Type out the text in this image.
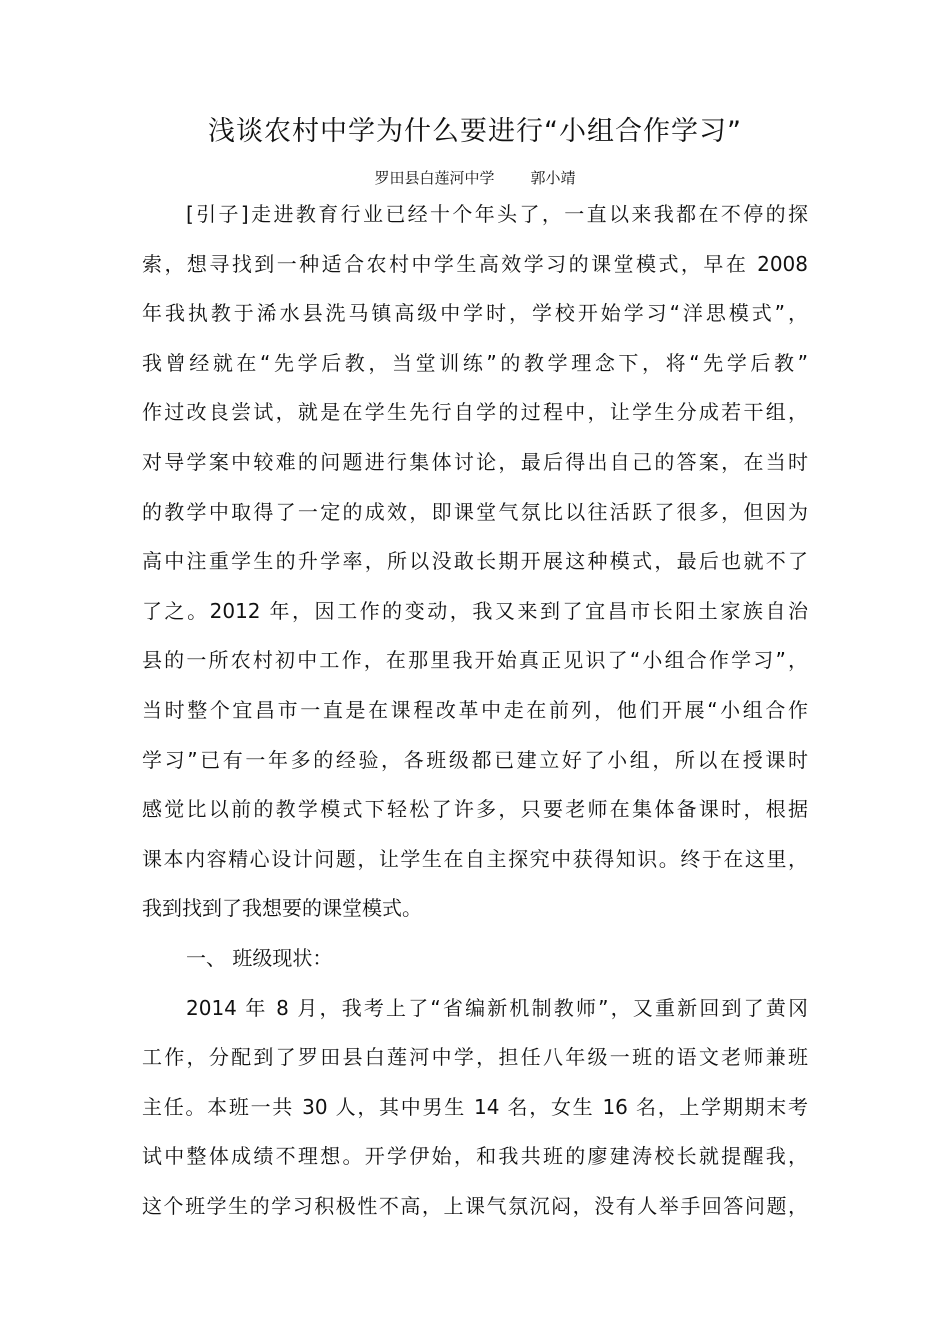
浅谈农村中学为什么要进行“小组合作学习”
罗田县白莲河中学 郭小靖
[引子]走进教育行业已经十个年头了，一直以来我都在不停的探
索，想寻找到一种适合农村中学生高效学习的课堂模式，早在 2008
年我执教于浠水县洗马镇高级中学时，学校开始学习“洋思模式”，
我曾经就在“先学后教，当堂训练”的教学理念下，将“先学后教”
作过改良尝试，就是在学生先行自学的过程中，让学生分成若干组，
对导学案中较难的问题进行集体讨论，最后得出自己的答案，在当时
的教学中取得了一定的成效，即课堂气氛比以往活跃了很多，但因为
高中注重学生的升学率，所以没敢长期开展这种模式，最后也就不了
了之。2012 年，因工作的变动，我又来到了宜昌市长阳土家族自治
县的一所农村初中工作，在那里我开始真正见识了“小组合作学习”，
当时整个宜昌市一直是在课程改革中走在前列，他们开展“小组合作
学习”已有一年多的经验，各班级都已建立好了小组，所以在授课时
感觉比以前的教学模式下轻松了许多，只要老师在集体备课时，根据
课本内容精心设计问题，让学生在自主探究中获得知识。终于在这里，
我到找到了我想要的课堂模式。
一、 班级现状：
2014 年 8 月，我考上了“省编新机制教师”，又重新回到了黄冈
工作，分配到了罗田县白莲河中学，担任八年级一班的语文老师兼班
主任。本班一共 30 人，其中男生 14 名，女生 16 名，上学期期末考
试中整体成绩不理想。开学伊始，和我共班的廖建涛校长就提醒我，
这个班学生的学习积极性不高，上课气氛沉闷，没有人举手回答问题，
